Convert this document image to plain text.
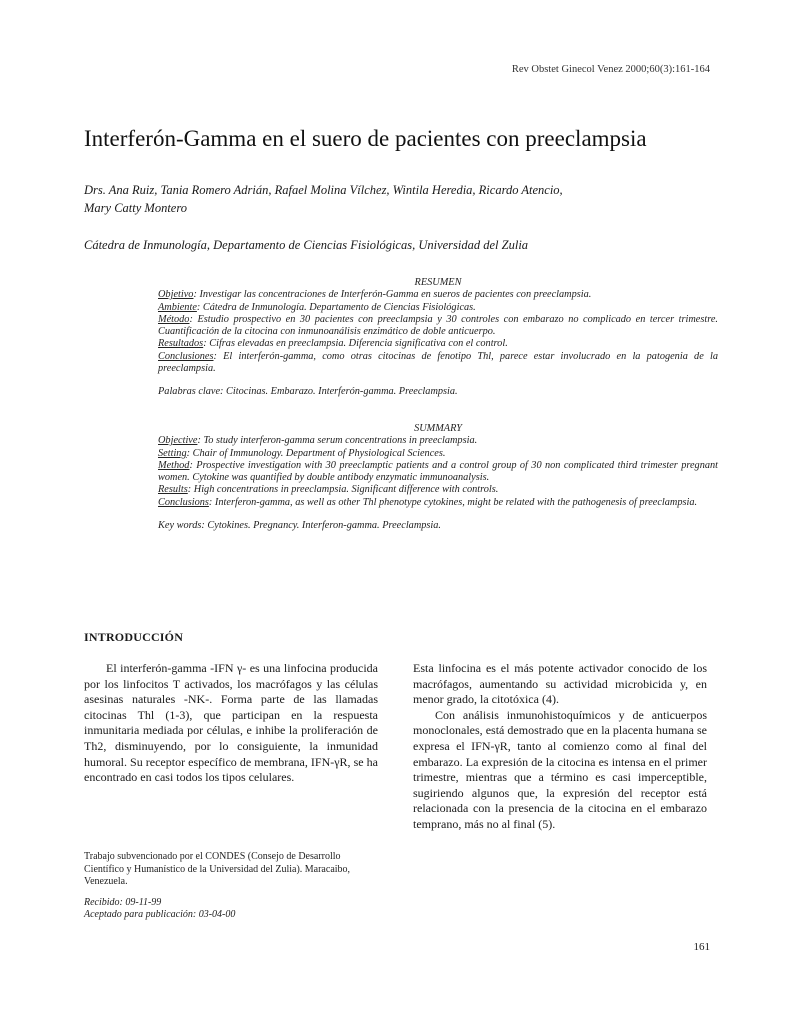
Rev Obstet Ginecol Venez 2000;60(3):161-164
Interferón-Gamma en el suero de pacientes con preeclampsia
Drs. Ana Ruiz, Tania Romero Adrián, Rafael Molina Vílchez, Wintila Heredia, Ricardo Atencio,
Mary Catty Montero
Cátedra de Inmunología, Departamento de Ciencias Fisiológicas, Universidad del Zulia

RESUMEN

Objetivo: Investigar las concentraciones de Interferón-Gamma en sueros de pacientes con preeclampsia.

Ambiente: Cátedra de Inmunología. Departamento de Ciencias Fisiológicas.

Método: Estudio prospectivo en 30 pacientes con preeclampsia y 30 controles con embarazo no complicado en tercer trimestre. Cuantificación de la citocina con inmunoanálisis enzimático de doble anticuerpo.

Resultados: Cifras elevadas en preeclampsia. Diferencia significativa con el control.

Conclusiones: El interferón-gamma, como otras citocinas de fenotipo Thl, parece estar involucrado en la patogenia de la preeclampsia.

Palabras clave: Citocinas. Embarazo. Interferón-gamma. Preeclampsia.

SUMMARY

Objective: To study interferon-gamma serum concentrations in preeclampsia.

Setting: Chair of Immunology. Department of Physiological Sciences.

Method: Prospective investigation with 30 preeclamptic patients and a control group of 30 non complicated third trimester pregnant women. Cytokine was quantified by double antibody enzymatic immunoanalysis.

Results: High concentrations in preeclampsia. Significant difference with controls.

Conclusions: Interferon-gamma, as well as other Thl phenotype cytokines, might be related with the pathogenesis of preeclampsia.

Key words: Cytokines. Pregnancy. Interferon-gamma. Preeclampsia.

INTRODUCCIÓN

El interferón-gamma -IFN γ- es una linfocina producida por los linfocitos T activados, los macrófagos y las células asesinas naturales -NK-. Forma parte de las llamadas citocinas Thl (1-3), que participan en la respuesta inmunitaria mediada por células, e inhibe la proliferación de Th2, disminuyendo, por lo consiguiente, la inmunidad humoral. Su receptor específico de membrana, IFN-γR, se ha encontrado en casi todos los tipos celulares.

Esta linfocina es el más potente activador conocido de los macrófagos, aumentando su actividad microbicida y, en menor grado, la citotóxica (4).

Con análisis inmunohistoquímicos y de anticuerpos monoclonales, está demostrado que en la placenta humana se expresa el IFN-γR, tanto al comienzo como al final del embarazo. La expresión de la citocina es intensa en el primer trimestre, mientras que a término es casi imperceptible, sugiriendo algunos que, la expresión del receptor está relacionada con la presencia de la citocina en el embarazo temprano, más no al final (5).

Trabajo subvencionado por el CONDES (Consejo de Desarrollo Científico y Humanístico de la Universidad del Zulia). Maracaibo, Venezuela.
Recibido: 09-11-99
Aceptado para publicación: 03-04-00
161
